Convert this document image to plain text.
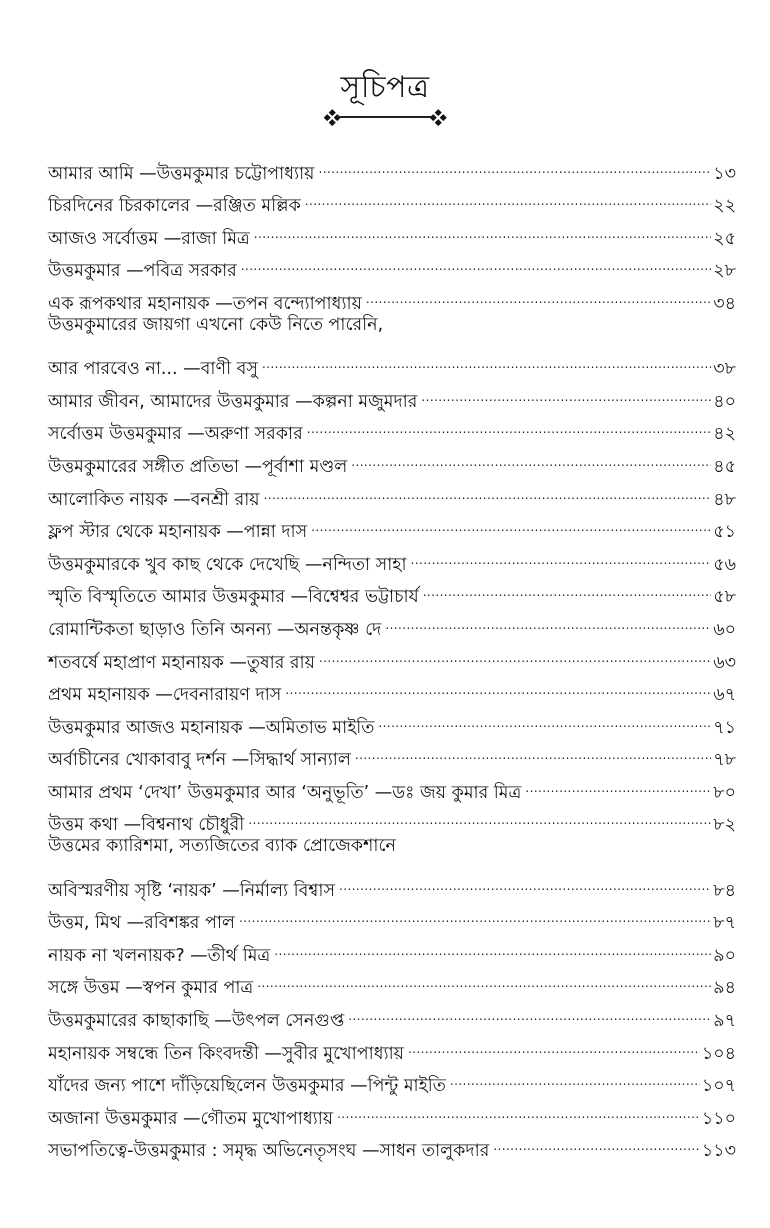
সূচিপত্র
আমার আমি —উত্তমকুমার চট্টোপাধ্যায় .....	১৩
চিরদিনের চিরকালের —রঞ্জিত মল্লিক .....	২২
আজও সর্বোত্তম —রাজা মিত্র .....	২৫
উত্তমকুমার —পবিত্র সরকার .....	২৮
এক রূপকথার মহানায়ক —তপন বন্দ্যোপাধ্যায় .....	৩৪
উত্তমকুমারের জায়গা এখনো কেউ নিতে পারেনি,
আর পারবেও না... —বাণী বসু .....	৩৮
আমার জীবন, আমাদের উত্তমকুমার —কল্পনা মজুমদার .....	৪০
সর্বোত্তম উত্তমকুমার —অরুণা সরকার .....	৪২
উত্তমকুমারের সঙ্গীত প্রতিভা —পূর্বাশা মণ্ডল .....	৪৫
আলোকিত নায়ক —বনশ্রী রায় .....	৪৮
ফ্লপ স্টার থেকে মহানায়ক —পান্না দাস .....	৫১
উত্তমকুমারকে খুব কাছ থেকে দেখেছি —নন্দিতা সাহা .....	৫৬
স্মৃতি বিস্মৃতিতে আমার উত্তমকুমার —বিশ্বেশ্বর ভট্টাচার্য .....	৫৮
রোমান্টিকতা ছাড়াও তিনি অনন্য —অনন্তকৃষ্ণ দে .....	৬০
শতবর্ষে মহাপ্রাণ মহানায়ক —তুষার রায় .....	৬৩
প্রথম মহানায়ক —দেবনারায়ণ দাস .....	৬৭
উত্তমকুমার আজও মহানায়ক —অমিতাভ মাইতি .....	৭১
অর্বাচীনের খোকাবাবু দর্শন —সিদ্ধার্থ সান্যাল .....	৭৮
আমার প্রথম ‘দেখা’ উত্তমকুমার আর ‘অনুভূতি’ —ডঃ জয় কুমার মিত্র .....	৮০
উত্তম কথা —বিশ্বনাথ চৌধুরী .....	৮২
উত্তমের ক্যারিশমা, সত্যজিতের ব্যাক প্রোজেকশানে
অবিস্মরণীয় সৃষ্টি ‘নায়ক’ —নির্মাল্য বিশ্বাস .....	৮৪
উত্তম, মিথ —রবিশঙ্কর পাল .....	৮৭
নায়ক না খলনায়ক? —তীর্থ মিত্র .....	৯০
সঙ্গে উত্তম —স্বপন কুমার পাত্র .....	৯৪
উত্তমকুমারের কাছাকাছি —উৎপল সেনগুপ্ত .....	৯৭
মহানায়ক সম্বন্ধে তিন কিংবদন্তী —সুবীর মুখোপাধ্যায় .....	১০৪
যাঁদের জন্য পাশে দাঁড়িয়েছিলেন উত্তমকুমার —পিন্টু মাইতি .....	১০৭
অজানা উত্তমকুমার —গৌতম মুখোপাধ্যায় .....	১১০
সভাপতিত্বে-উত্তমকুমার : সমৃদ্ধ অভিনেতৃসংঘ —সাধন তালুকদার .....	১১৩
